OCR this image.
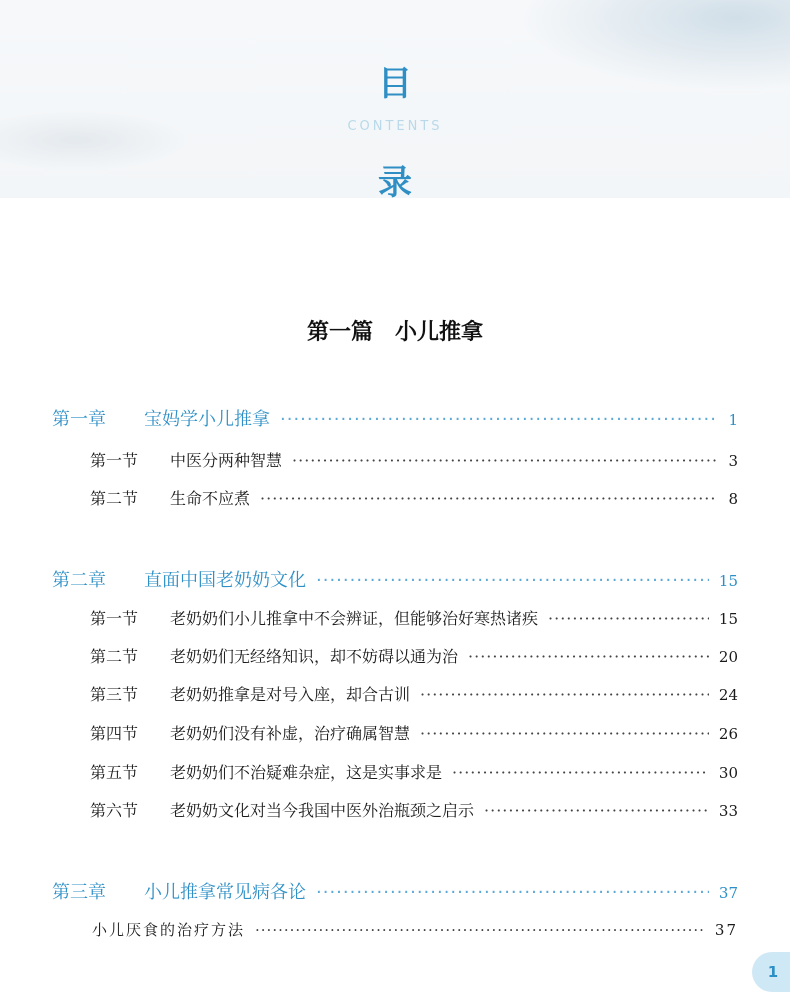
目
CONTENTS
录
第一篇 小儿推拿
第一章	宝妈学小儿推拿 ·····	1
第一节	中医分两种智慧 ·····	3
第二节	生命不应煮 ·····	8
第二章	直面中国老奶奶文化 ·····	15
第一节	老奶奶们小儿推拿中不会辨证，但能够治好寒热诸疾 ·····	15
第二节	老奶奶们无经络知识，却不妨碍以通为治 ·····	20
第三节	老奶奶推拿是对号入座，却合古训 ·····	24
第四节	老奶奶们没有补虚，治疗确属智慧 ·····	26
第五节	老奶奶们不治疑难杂症，这是实事求是 ·····	30
第六节	老奶奶文化对当今我国中医外治瓶颈之启示 ·····	33
第三章	小儿推拿常见病各论 ·····	37
小儿厌食的治疗方法 ·····	37
1
